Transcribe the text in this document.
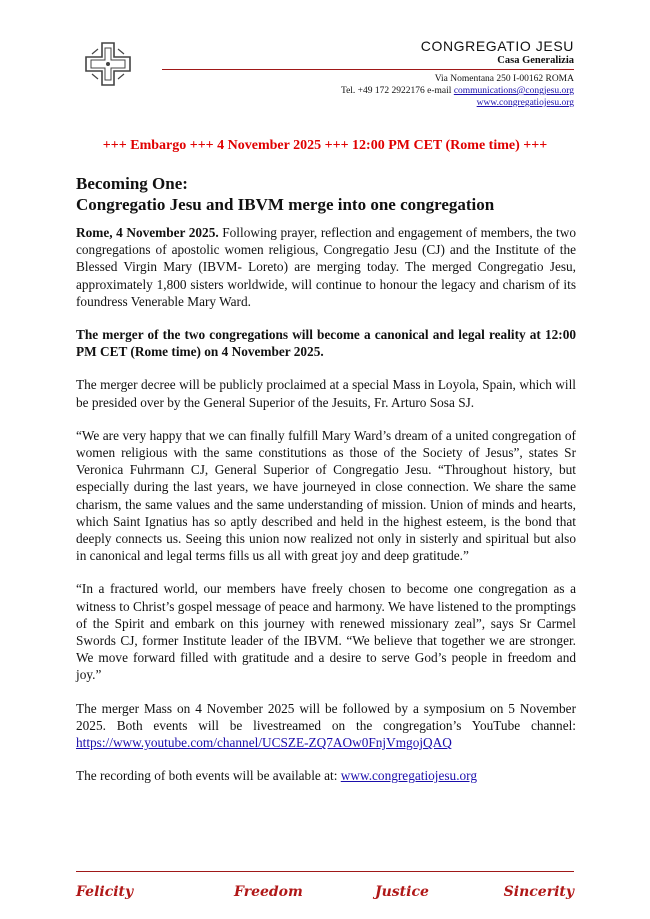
CONGREGATIO JESU
Casa Generalizia
Via Nomentana 250 I-00162 ROMA
Tel. +49 172 2922176 e-mail communications@congjesu.org
www.congregatiojesu.org
+++ Embargo +++ 4 November 2025 +++ 12:00 PM CET (Rome time) +++
Becoming One:
Congregatio Jesu and IBVM merge into one congregation

Rome, 4 November 2025. Following prayer, reflection and engagement of members, the two congregations of apostolic women religious, Congregatio Jesu (CJ) and the Institute of the Blessed Virgin Mary (IBVM- Loreto) are merging today. The merged Congregatio Jesu, approximately 1,800 sisters worldwide, will continue to honour the legacy and charism of its foundress Venerable Mary Ward.

The merger of the two congregations will become a canonical and legal reality at 12:00 PM CET (Rome time) on 4 November 2025.

The merger decree will be publicly proclaimed at a special Mass in Loyola, Spain, which will be presided over by the General Superior of the Jesuits, Fr. Arturo Sosa SJ.

“We are very happy that we can finally fulfill Mary Ward’s dream of a united congregation of women religious with the same constitutions as those of the Society of Jesus”, states Sr Veronica Fuhrmann CJ, General Superior of Congregatio Jesu. “Throughout history, but especially during the last years, we have journeyed in close connection. We share the same charism, the same values and the same understanding of mission. Union of minds and hearts, which Saint Ignatius has so aptly described and held in the highest esteem, is the bond that deeply connects us. Seeing this union now realized not only in sisterly and spiritual but also in canonical and legal terms fills us all with great joy and deep gratitude.”

“In a fractured world, our members have freely chosen to become one congregation as a witness to Christ’s gospel message of peace and harmony. We have listened to the promptings of the Spirit and embark on this journey with renewed missionary zeal”, says Sr Carmel Swords CJ, former Institute leader of the IBVM. “We believe that together we are stronger. We move forward filled with gratitude and a desire to serve God’s people in freedom and joy.”

The merger Mass on 4 November 2025 will be followed by a symposium on 5 November 2025. Both events will be livestreamed on the congregation’s YouTube channel: https://www.youtube.com/channel/UCSZE-ZQ7AOw0FnjVmgojQAQ

The recording of both events will be available at: www.congregatiojesu.org

Felicity	Freedom	Justice	Sincerity
